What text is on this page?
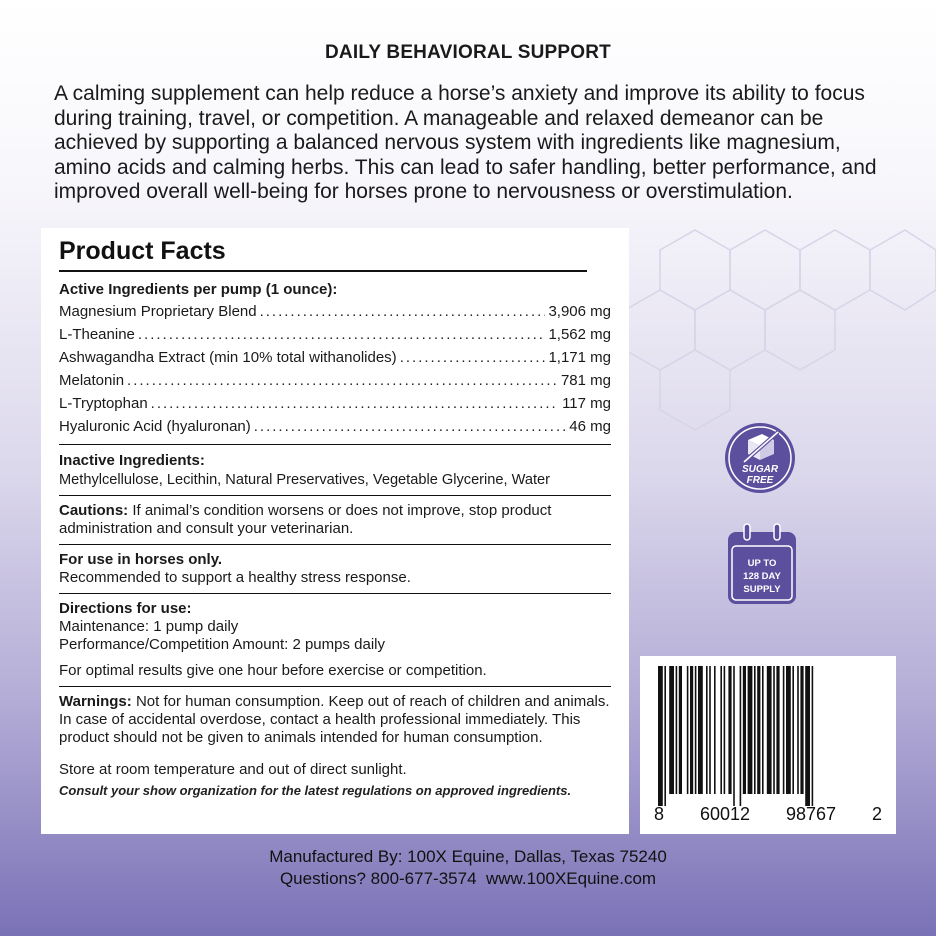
DAILY BEHAVIORAL SUPPORT
A calming supplement can help reduce a horse’s anxiety and improve its ability to focus during training, travel, or competition. A manageable and relaxed demeanor can be achieved by supporting a balanced nervous system with ingredients like magnesium, amino acids and calming herbs. This can lead to safer handling, better performance, and improved overall well-being for horses prone to nervousness or overstimulation.
Product Facts
Active Ingredients per pump (1 ounce):
Magnesium Proprietary Blend .....	3,906 mg
L-Theanine .....	1,562 mg
Ashwagandha Extract (min 10% total withanolides) .....	1,171 mg
Melatonin .....	781 mg
L-Tryptophan .....	117 mg
Hyaluronic Acid (hyaluronan) .....	46 mg
Inactive Ingredients:
Methylcellulose, Lecithin, Natural Preservatives, Vegetable Glycerine, Water
Cautions: If animal’s condition worsens or does not improve, stop product administration and consult your veterinarian.
For use in horses only.
Recommended to support a healthy stress response.
Directions for use:
Maintenance: 1 pump daily
Performance/Competition Amount: 2 pumps daily
For optimal results give one hour before exercise or competition.
Warnings: Not for human consumption. Keep out of reach of children and animals. In case of accidental overdose, contact a health professional immediately. This product should not be given to animals intended for human consumption.
Store at room temperature and out of direct sunlight.
Consult your show organization for the latest regulations on approved ingredients.
SUGAR
FREE
UP TO
128 DAY
SUPPLY
8 60012 98767 2
Manufactured By: 100X Equine, Dallas, Texas 75240
Questions? 800-677-3574  www.100XEquine.com
